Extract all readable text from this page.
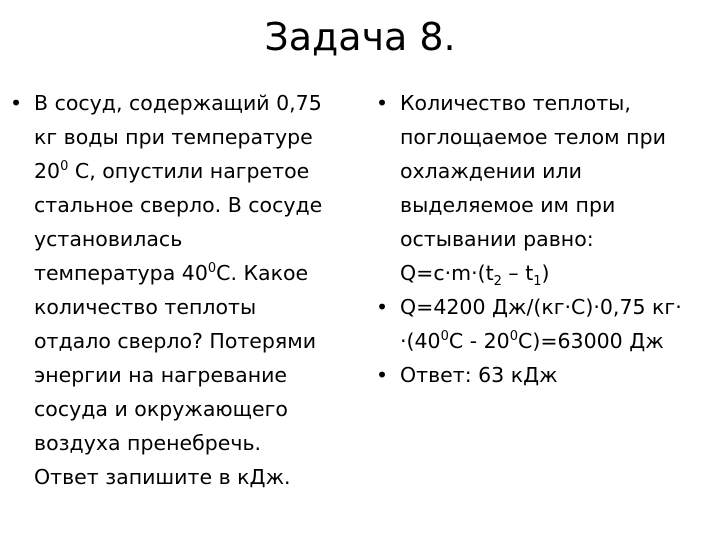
Задача 8.
• В сосуд, содержащий 0,75
кг воды при температуре
$20^0$ C, опустили нагретое
стальное сверло. В сосуде
установилась
температура $40^0C$. Какое
количество теплоты
отдало сверло? Потерями
энергии на нагревание
сосуда и окружающего
воздуха пренебречь.
Ответ запишите в кДж.
• Количество теплоты,
поглощаемое телом при
охлаждении или
выделяемое им при
остывании равно:
$Q=c\cdot m\cdot(t_2 - t_1)$
• Q=4200 Дж/(кг·С)·0,75 кг·
$\cdot(40^0С - 20^0С)=63000$ Дж
• Ответ: 63 кДж
